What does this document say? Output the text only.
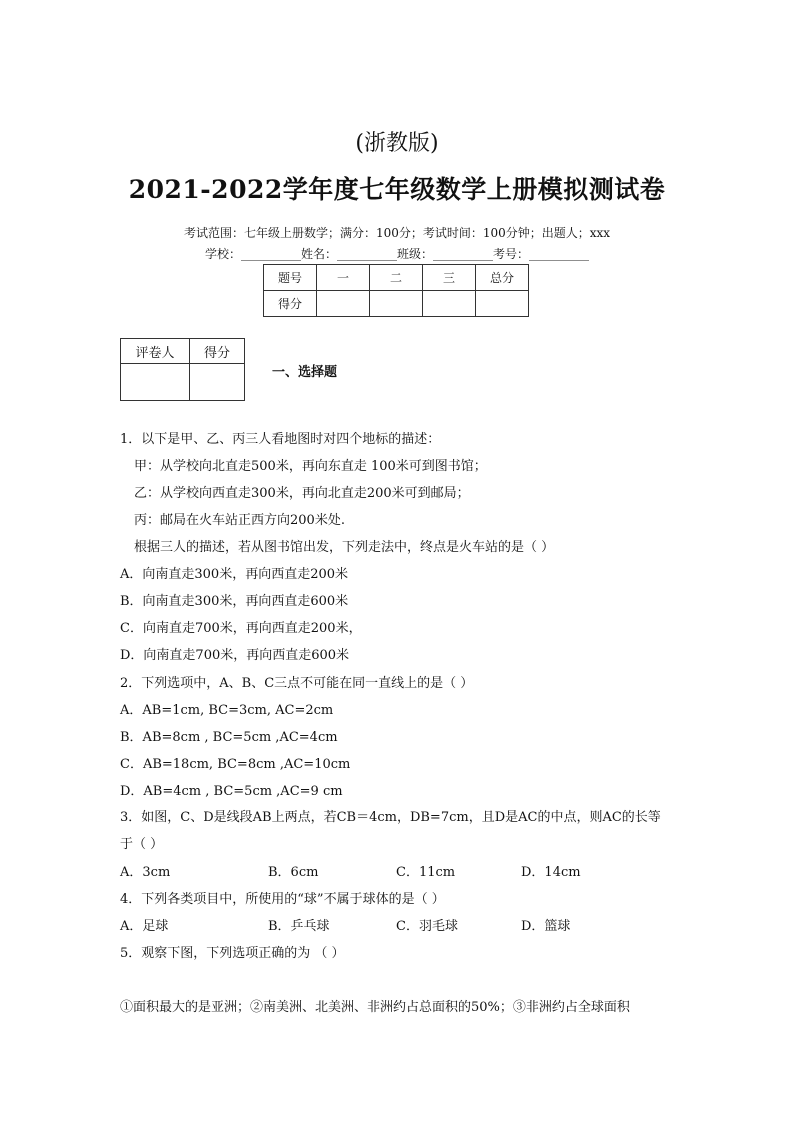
(浙教版)
2021-2022学年度七年级数学上册模拟测试卷
考试范围：七年级上册数学；满分：100分；考试时间：100分钟；出题人；xxx
学校：__________姓名：__________班级：__________考号：__________
题号	一	二	三	总分
得分				
评卷人	得分

一、选择题
1．以下是甲、乙、丙三人看地图时对四个地标的描述：
甲：从学校向北直走500米，再向东直走 100米可到图书馆；
乙：从学校向西直走300米，再向北直走200米可到邮局；
丙：邮局在火车站正西方向200米处.
根据三人的描述，若从图书馆出发，下列走法中，终点是火车站的是（ ）
A．向南直走300米，再向西直走200米
B．向南直走300米，再向西直走600米
C．向南直走700米，再向西直走200米，
D．向南直走700米，再向西直走600米
2．下列选项中，A、B、C三点不可能在同一直线上的是（ ）
A．AB=1cm, BC=3cm, AC=2cm
B．AB=8cm , BC=5cm ,AC=4cm
C．AB=18cm, BC=8cm ,AC=10cm
D．AB=4cm , BC=5cm ,AC=9 cm
3．如图，C、D是线段AB上两点，若CB＝4cm，DB=7cm，且D是AC的中点，则AC的长等
于（ ）
A．3cm	B．6cm	C．11cm	D．14cm
4．下列各类项目中，所使用的“球”不属于球体的是（ ）
A．足球	B．乒乓球	C．羽毛球	D．篮球
5．观察下图，下列选项正确的为 （ ）
①面积最大的是亚洲；②南美洲、北美洲、非洲约占总面积的50%；③非洲约占全球面积
